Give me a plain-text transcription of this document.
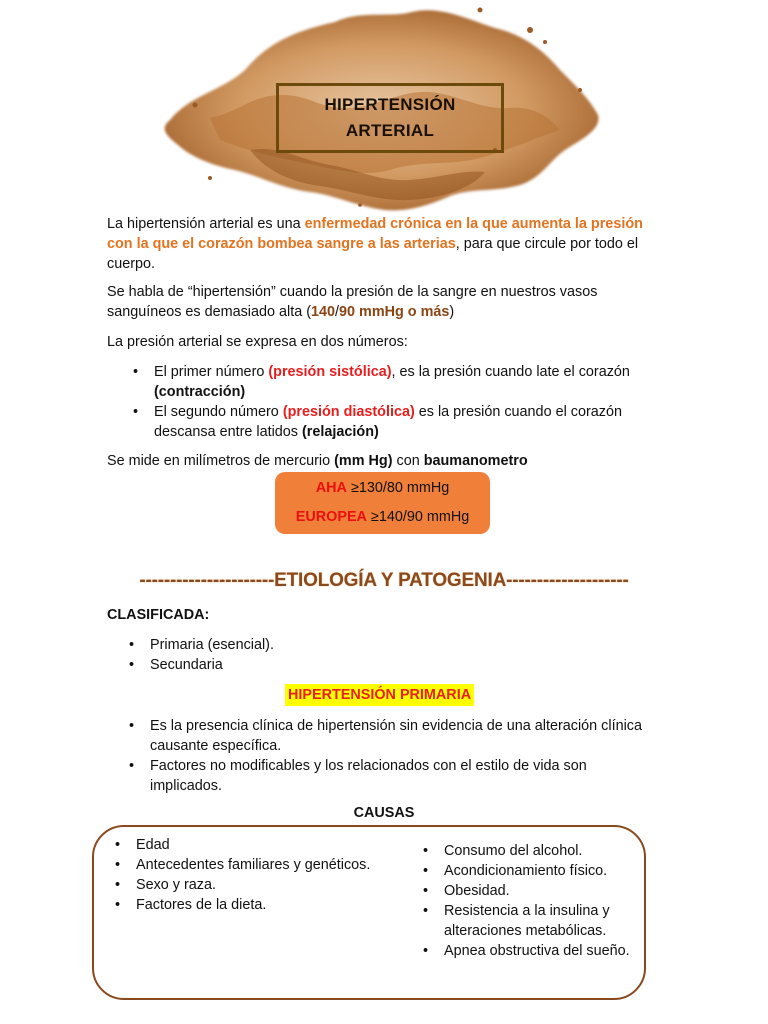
HIPERTENSIÓN
ARTERIAL
La hipertensión arterial es una enfermedad crónica en la que aumenta la presión con la que el corazón bombea sangre a las arterias, para que circule por todo el cuerpo.
Se habla de “hipertensión” cuando la presión de la sangre en nuestros vasos sanguíneos es demasiado alta (140/90 mmHg o más)
La presión arterial se expresa en dos números:
• El primer número (presión sistólica), es la presión cuando late el corazón (contracción)
• El segundo número (presión diastólica) es la presión cuando el corazón descansa entre latidos (relajación)
Se mide en milímetros de mercurio (mm Hg) con baumanometro
AHA ≥130/80 mmHg
EUROPEA ≥140/90 mmHg
----------------------ETIOLOGÍA Y PATOGENIA--------------------
CLASIFICADA:
• Primaria (esencial).
• Secundaria
HIPERTENSIÓN PRIMARIA
• Es la presencia clínica de hipertensión sin evidencia de una alteración clínica causante específica.
• Factores no modificables y los relacionados con el estilo de vida son implicados.
CAUSAS
• Edad
• Antecedentes familiares y genéticos.
• Sexo y raza.
• Factores de la dieta.
• Consumo del alcohol.
• Acondicionamiento físico.
• Obesidad.
• Resistencia a la insulina y alteraciones metabólicas.
• Apnea obstructiva del sueño.
